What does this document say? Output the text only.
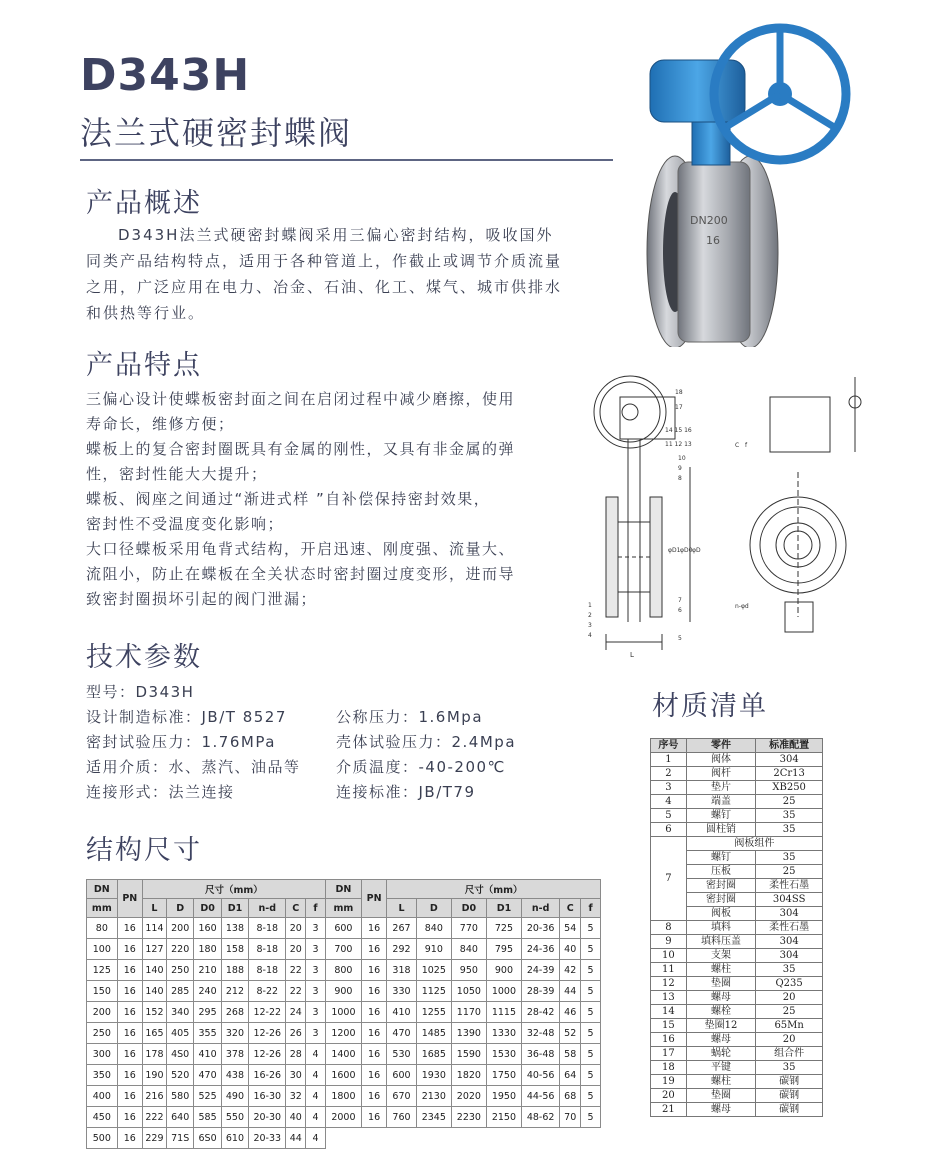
D343H
法兰式硬密封蝶阀
DN200
16
产品概述
D343H法兰式硬密封蝶阀采用三偏心密封结构，吸收国外
同类产品结构特点，适用于各种管道上，作截止或调节介质流量
之用，广泛应用在电力、冶金、石油、化工、煤气、城市供排水
和供热等行业。
产品特点
三偏心设计使蝶板密封面之间在启闭过程中减少磨擦，使用
寿命长，维修方便；
蝶板上的复合密封圈既具有金属的刚性，又具有非金属的弹
性，密封性能大大提升；
蝶板、阀座之间通过“渐进式样 ”自补偿保持密封效果，
密封性不受温度变化影响；
大口径蝶板采用龟背式结构，开启迅速、刚度强、流量大、
流阻小，防止在蝶板在全关状态时密封圈过度变形，进而导
致密封圈损坏引起的阀门泄漏；
18
17
14 15 16
11 12 13
10
9
8
7
6
5
4
3
2
1
φD
φD0
φD1
L
n-φd
C f
技术参数
型号：D343H
设计制造标准：JB/T 8527
密封试验压力：1.76MPa
适用介质：水、蒸汽、油品等
连接形式：法兰连接
公称压力：1.6Mpa
壳体试验压力：2.4Mpa
介质温度：-40-200℃
连接标准：JB/T79
材质清单
序号	零件	标准配置
1	阀体	304
2	阀杆	2Cr13
3	垫片	XB250
4	端盖	25
5	螺钉	35
6	圆柱销	35
7	阀板组件	
	螺钉	35
	压板	25
	密封圈	柔性石墨
	密封圈	304SS
	阀板	304
8	填料	柔性石墨
9	填料压盖	304
10	支架	304
11	螺柱	35
12	垫圈	Q235
13	螺母	20
14	螺栓	25
15	垫圈12	65Mn
16	螺母	20
17	蜗轮	组合件
18	平键	35
19	螺柱	碳钢
20	垫圈	碳钢
21	螺母	碳钢
结构尺寸
DN	PN	尺寸（mm）							DN	PN	尺寸（mm）						
mm		L	D	D0	D1	n-d	C	f	mm		L	D	D0	D1	n-d	C	f
80	16	114	200	160	138	8-18	20	3	600	16	267	840	770	725	20-36	54	5
100	16	127	220	180	158	8-18	20	3	700	16	292	910	840	795	24-36	40	5
125	16	140	250	210	188	8-18	22	3	800	16	318	1025	950	900	24-39	42	5
150	16	140	285	240	212	8-22	22	3	900	16	330	1125	1050	1000	28-39	44	5
200	16	152	340	295	268	12-22	24	3	1000	16	410	1255	1170	1115	28-42	46	5
250	16	165	405	355	320	12-26	26	3	1200	16	470	1485	1390	1330	32-48	52	5
300	16	178	4S0	410	378	12-26	28	4	1400	16	530	1685	1590	1530	36-48	58	5
350	16	190	520	470	438	16-26	30	4	1600	16	600	1930	1820	1750	40-56	64	5
400	16	216	580	525	490	16-30	32	4	1800	16	670	2130	2020	1950	44-56	68	5
450	16	222	640	585	550	20-30	40	4	2000	16	760	2345	2230	2150	48-62	70	5
500	16	229	71S	6S0	610	20-33	44	4									
